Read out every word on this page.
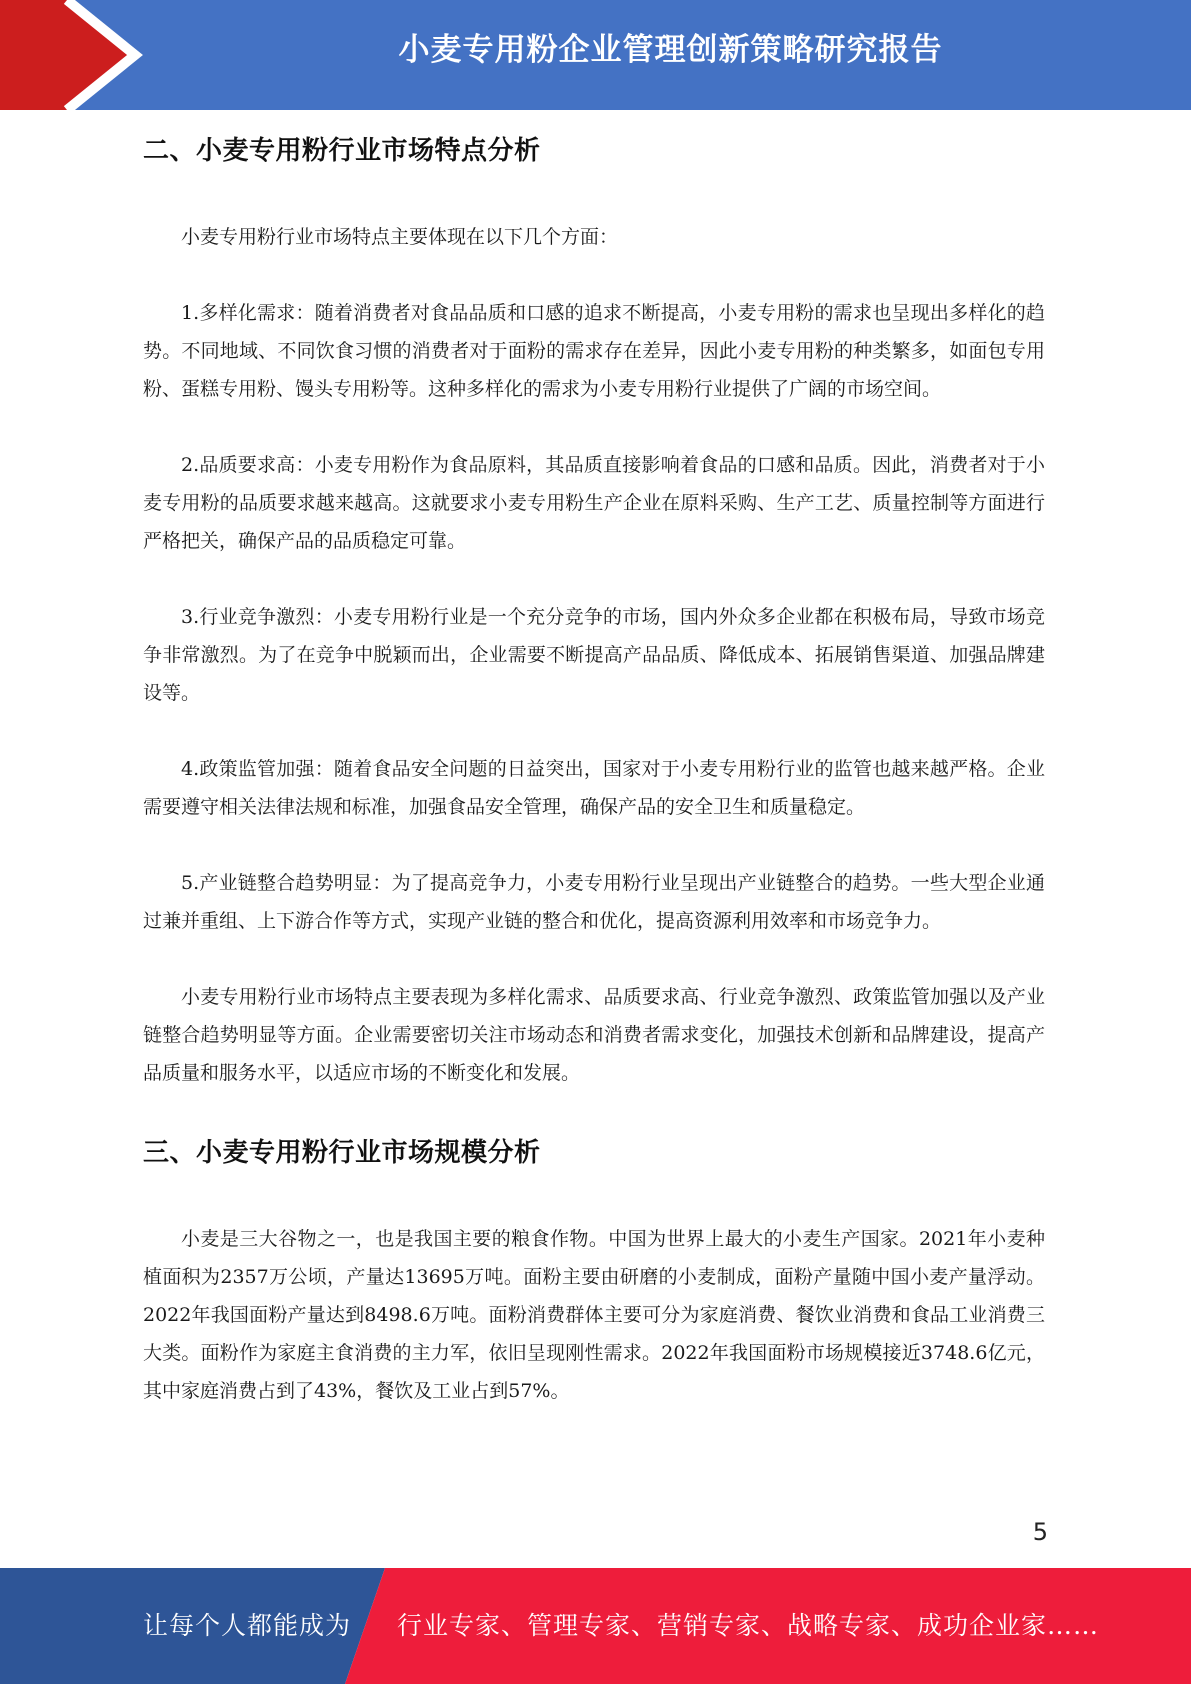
小麦专用粉企业管理创新策略研究报告
二、小麦专用粉行业市场特点分析

小麦专用粉行业市场特点主要体现在以下几个方面：

1.多样化需求：随着消费者对食品品质和口感的追求不断提高，小麦专用粉的需求也呈现出多样化的趋势。不同地域、不同饮食习惯的消费者对于面粉的需求存在差异，因此小麦专用粉的种类繁多，如面包专用粉、蛋糕专用粉、馒头专用粉等。这种多样化的需求为小麦专用粉行业提供了广阔的市场空间。

2.品质要求高：小麦专用粉作为食品原料，其品质直接影响着食品的口感和品质。因此，消费者对于小麦专用粉的品质要求越来越高。这就要求小麦专用粉生产企业在原料采购、生产工艺、质量控制等方面进行严格把关，确保产品的品质稳定可靠。

3.行业竞争激烈：小麦专用粉行业是一个充分竞争的市场，国内外众多企业都在积极布局，导致市场竞争非常激烈。为了在竞争中脱颖而出，企业需要不断提高产品品质、降低成本、拓展销售渠道、加强品牌建设等。

4.政策监管加强：随着食品安全问题的日益突出，国家对于小麦专用粉行业的监管也越来越严格。企业需要遵守相关法律法规和标准，加强食品安全管理，确保产品的安全卫生和质量稳定。

5.产业链整合趋势明显：为了提高竞争力，小麦专用粉行业呈现出产业链整合的趋势。一些大型企业通过兼并重组、上下游合作等方式，实现产业链的整合和优化，提高资源利用效率和市场竞争力。

小麦专用粉行业市场特点主要表现为多样化需求、品质要求高、行业竞争激烈、政策监管加强以及产业链整合趋势明显等方面。企业需要密切关注市场动态和消费者需求变化，加强技术创新和品牌建设，提高产品质量和服务水平，以适应市场的不断变化和发展。

三、小麦专用粉行业市场规模分析

小麦是三大谷物之一，也是我国主要的粮食作物。中国为世界上最大的小麦生产国家。2021年小麦种植面积为2357万公顷，产量达13695万吨。面粉主要由研磨的小麦制成，面粉产量随中国小麦产量浮动。2022年我国面粉产量达到8498.6万吨。面粉消费群体主要可分为家庭消费、餐饮业消费和食品工业消费三大类。面粉作为家庭主食消费的主力军，依旧呈现刚性需求。2022年我国面粉市场规模接近3748.6亿元，其中家庭消费占到了43%，餐饮及工业占到57%。

5
让每个人都能成为 行业专家、管理专家、营销专家、战略专家、成功企业家……
